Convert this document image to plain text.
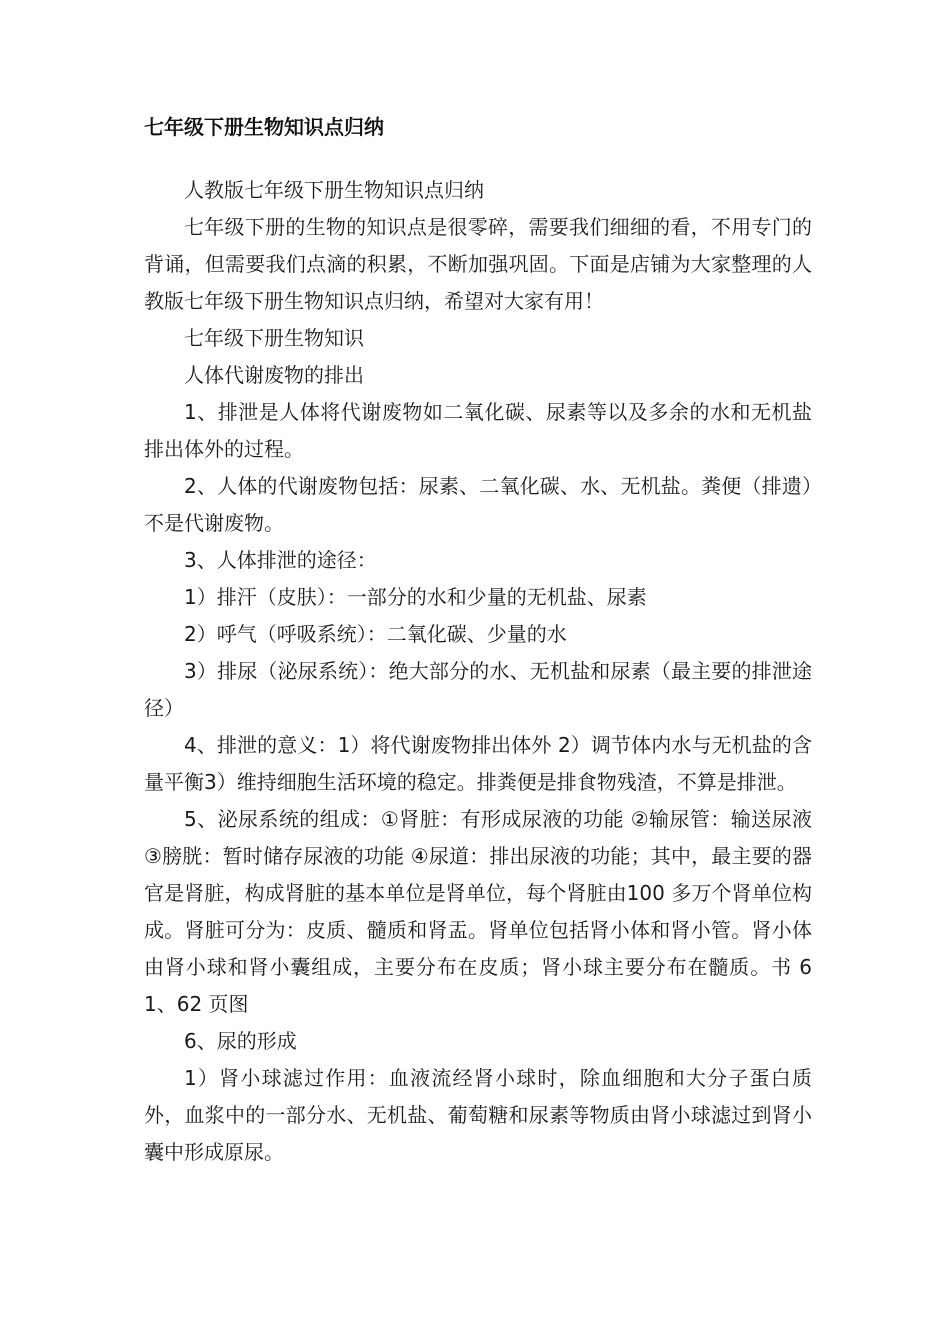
七年级下册生物知识点归纳

人教版七年级下册生物知识点归纳

七年级下册的生物的知识点是很零碎，需要我们细细的看，不用专门的背诵，但需要我们点滴的积累，不断加强巩固。下面是店铺为大家整理的人教版七年级下册生物知识点归纳，希望对大家有用！

七年级下册生物知识

人体代谢废物的排出

1、排泄是人体将代谢废物如二氧化碳、尿素等以及多余的水和无机盐排出体外的过程。

2、人体的代谢废物包括：尿素、二氧化碳、水、无机盐。粪便（排遗）不是代谢废物。

3、人体排泄的途径：

1）排汗（皮肤）：一部分的水和少量的无机盐、尿素

2）呼气（呼吸系统）：二氧化碳、少量的水

3）排尿（泌尿系统）：绝大部分的水、无机盐和尿素（最主要的排泄途径）

4、排泄的意义：1）将代谢废物排出体外 2）调节体内水与无机盐的含量平衡3）维持细胞生活环境的稳定。排粪便是排食物残渣，不算是排泄。

5、泌尿系统的组成：①肾脏：有形成尿液的功能 ②输尿管：输送尿液 ③膀胱：暂时储存尿液的功能 ④尿道：排出尿液的功能；其中，最主要的器官是肾脏，构成肾脏的基本单位是肾单位，每个肾脏由100 多万个肾单位构成。肾脏可分为：皮质、髓质和肾盂。肾单位包括肾小体和肾小管。肾小体由肾小球和肾小囊组成，主要分布在皮质；肾小球主要分布在髓质。书 61、62 页图

6、尿的形成

1）肾小球滤过作用：血液流经肾小球时，除血细胞和大分子蛋白质外，血浆中的一部分水、无机盐、葡萄糖和尿素等物质由肾小球滤过到肾小囊中形成原尿。
